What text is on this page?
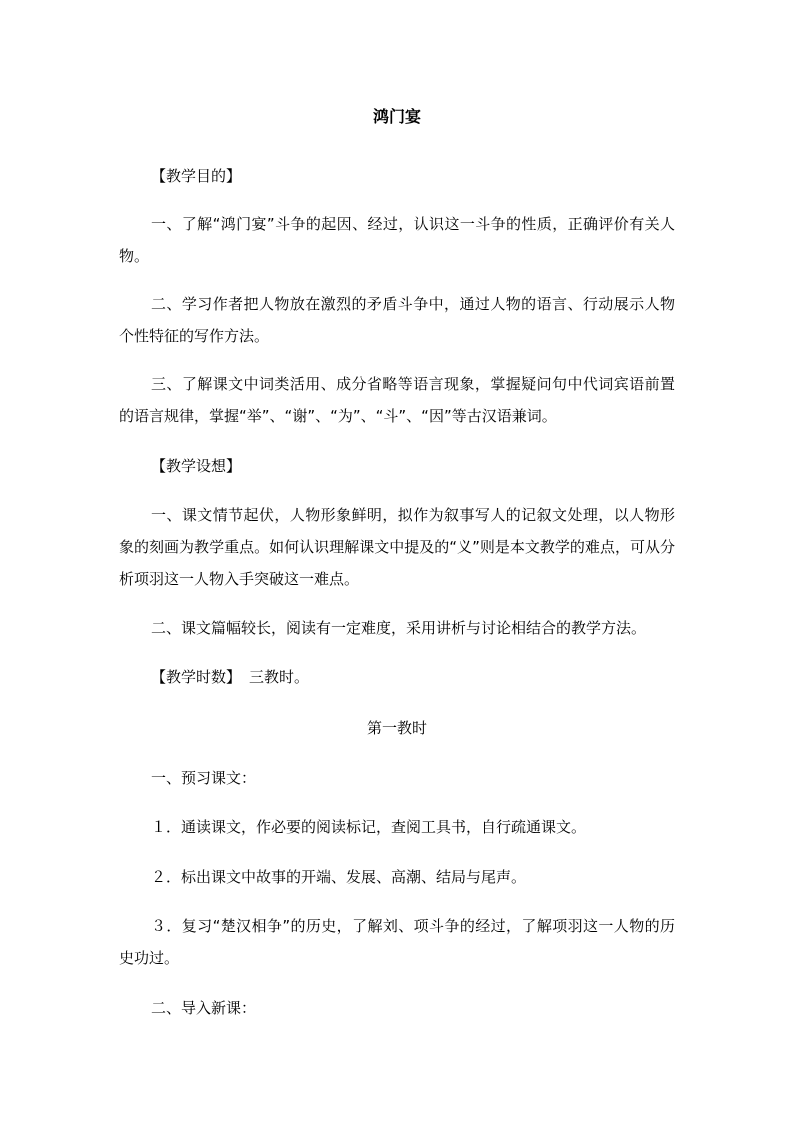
鸿门宴

【教学目的】

一、了解“鸿门宴”斗争的起因、经过，认识这一斗争的性质，正确评价有关人物。

二、学习作者把人物放在激烈的矛盾斗争中，通过人物的语言、行动展示人物个性特征的写作方法。

三、了解课文中词类活用、成分省略等语言现象，掌握疑问句中代词宾语前置的语言规律，掌握“举”、“谢”、“为”、“斗”、“因”等古汉语兼词。

【教学设想】

一、课文情节起伏，人物形象鲜明，拟作为叙事写人的记叙文处理，以人物形象的刻画为教学重点。如何认识理解课文中提及的“义”则是本文教学的难点，可从分析项羽这一人物入手突破这一难点。

二、课文篇幅较长，阅读有一定难度，采用讲析与讨论相结合的教学方法。

【教学时数】 三教时。

第一教时

一、预习课文：

１．通读课文，作必要的阅读标记，查阅工具书，自行疏通课文。

２．标出课文中故事的开端、发展、高潮、结局与尾声。

３．复习“楚汉相争”的历史，了解刘、项斗争的经过，了解项羽这一人物的历史功过。

二、导入新课：
